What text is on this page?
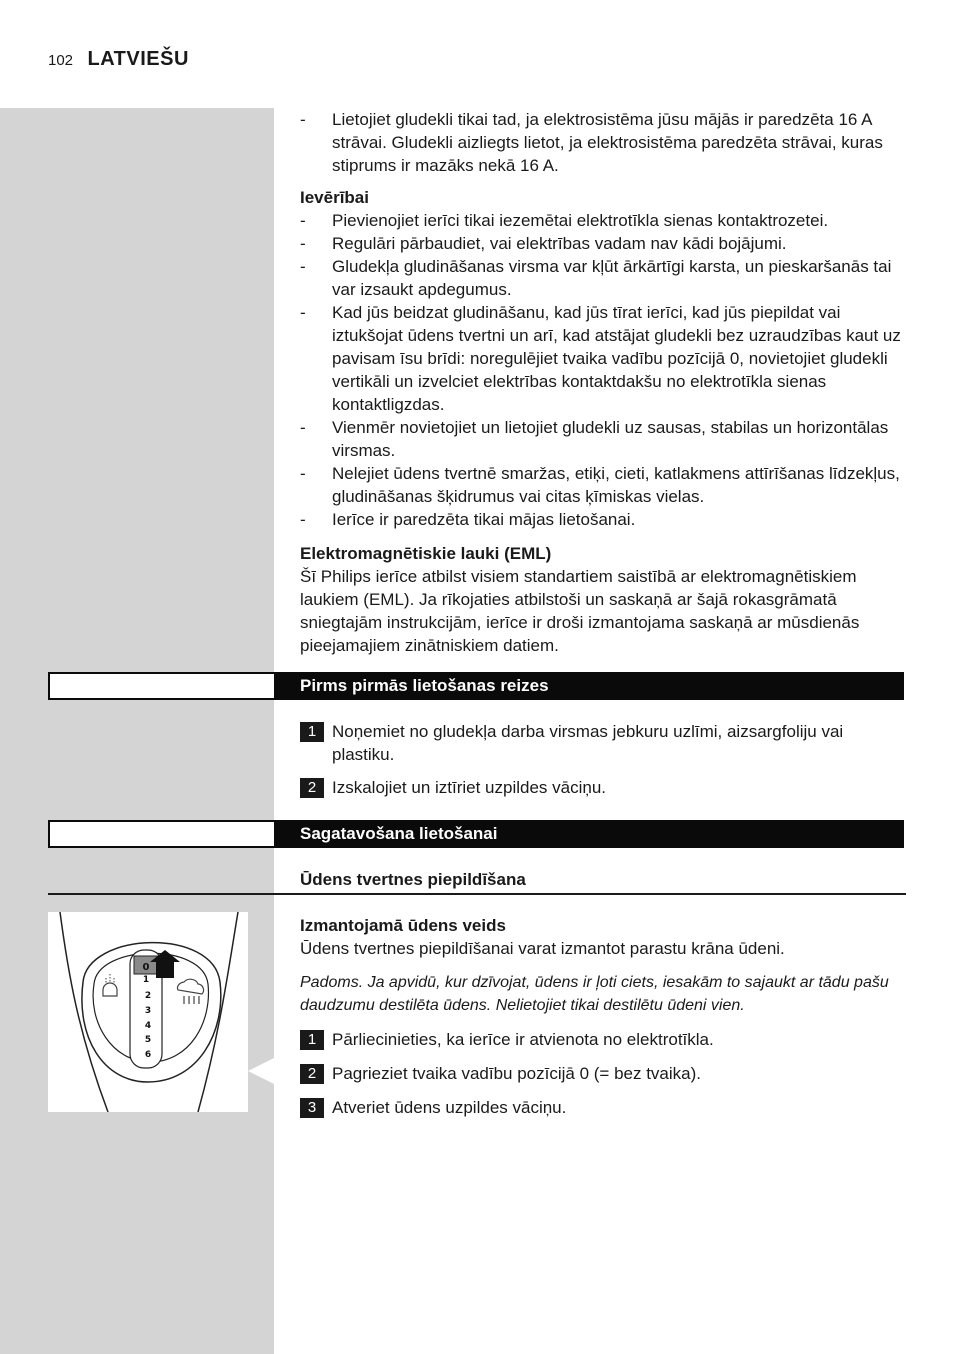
102 LATVIEŠU

- Lietojiet gludekli tikai tad, ja elektrosistēma jūsu mājās ir paredzēta 16 A strāvai. Gludekli aizliegts lietot, ja elektrosistēma paredzēta strāvai, kuras stiprums ir mazāks nekā 16 A.

Ievērībai

- Pievienojiet ierīci tikai iezemētai elektrotīkla sienas kontaktrozetei.

- Regulāri pārbaudiet, vai elektrības vadam nav kādi bojājumi.

- Gludekļa gludināšanas virsma var kļūt ārkārtīgi karsta, un pieskaršanās tai var izsaukt apdegumus.

- Kad jūs beidzat gludināšanu, kad jūs tīrat ierīci, kad jūs piepildat vai iztukšojat ūdens tvertni un arī, kad atstājat gludekli bez uzraudzības kaut uz pavisam īsu brīdi: noregulējiet tvaika vadību pozīcijā 0, novietojiet gludekli vertikāli un izvelciet elektrības kontaktdakšu no elektrotīkla sienas kontaktligzdas.

- Vienmēr novietojiet un lietojiet gludekli uz sausas, stabilas un horizontālas virsmas.

- Nelejiet ūdens tvertnē smaržas, etiķi, cieti, katlakmens attīrīšanas līdzekļus, gludināšanas šķidrumus vai citas ķīmiskas vielas.

- Ierīce ir paredzēta tikai mājas lietošanai.

Elektromagnētiskie lauki (EML)

Šī Philips ierīce atbilst visiem standartiem saistībā ar elektromagnētiskiem laukiem (EML). Ja rīkojaties atbilstoši un saskaņā ar šajā rokasgrāmatā sniegtajām instrukcijām, ierīce ir droši izmantojama saskaņā ar mūsdienās pieejamajiem zinātniskiem datiem.

Pirms pirmās lietošanas reizes

1 Noņemiet no gludekļa darba virsmas jebkuru uzlīmi, aizsargfoliju vai plastiku.

2 Izskalojiet un iztīriet uzpildes vāciņu.

Sagatavošana lietošanai

Ūdens tvertnes piepildīšana

Izmantojamā ūdens veids

Ūdens tvertnes piepildīšanai varat izmantot parastu krāna ūdeni.

Padoms. Ja apvidū, kur dzīvojat, ūdens ir ļoti ciets, iesakām to sajaukt ar tādu pašu daudzumu destilēta ūdens. Nelietojiet tikai destilētu ūdeni vien.

1 Pārliecinieties, ka ierīce ir atvienota no elektrotīkla.

2 Pagrieziet tvaika vadību pozīcijā 0 (= bez tvaika).

3 Atveriet ūdens uzpildes vāciņu.

0
1
2
3
4
5
6
